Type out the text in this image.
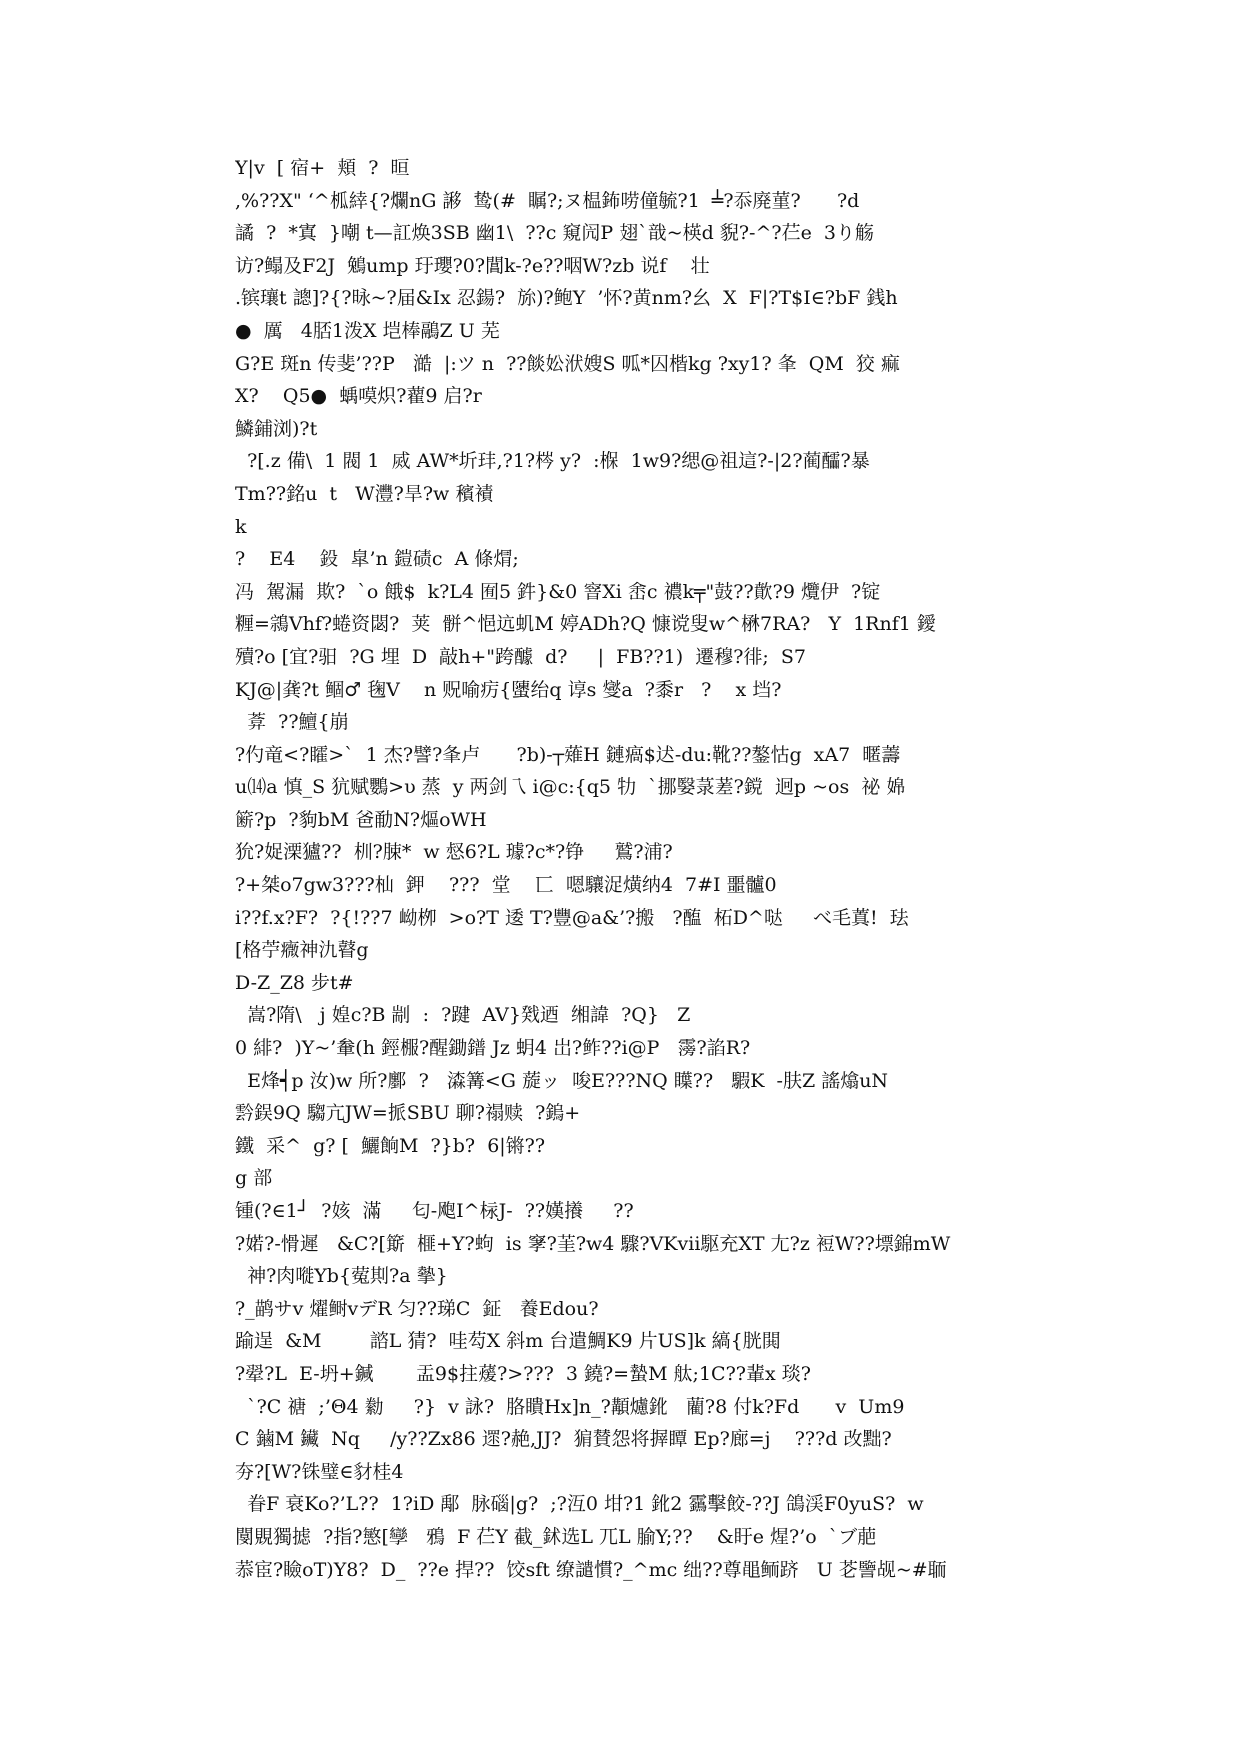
Y|v  [ 宿+  頬  ?  晅
,%??X" ‘^柧緈{?爛nG 謻  鸷(#  瞩?;ヌ榅鈽唠僮毓?1  ╧?忝廃菫?      ?d
譎  ?  *寘  }嘲 t—訌焕3SB 幽1\  ??c 窺闶P 翅`戠~楧d 貎?-^?芢e  3り觞
访?鳎及F2J  鵵ump 玗瓔?0?閶k-?e??咽W?zb 说f    壮
.镔瓖t 謥]?{?昹~?届&Ix 忍鍚?  旀)?鲍Y  ’怀?黄nm?幺  X  F|?T$I∈?bF 銭h
●  厲   4脴1泼X 垲棒鷊Z U 芜
G?E 斑n 传斐’??P   澔  |:ツ n  ??餤妐洑嫂S 呱*囚楷kg ?xy1? 夆  QM  狡 痲
X?    Q5●  蝺嗼炽?藋9 启?r
鱗鋪浏)?t
?[.z 備\  1 閥 1  烕 AW*圻玤,?1?梣 y?  :椺  1w9?缌@祖這?-|2?蔺醽?暴
Tm??銘u  t   W灃?旱?w 穦襀
k
?    E4    鈠  皐’n 鎧碛c  A 條焨;
冯  駕漏  欺?  `o 餓$  k?L4 囿5 鈝}&0 窨Xi 峹c 禯k╤"鼓??歕?9 爦伊  ?锭
糎=鶎Vhf?蜷资閟?  荚  骿^悒迒虮M 婷ADh?Q 慷谠叟w^楙7RA?   Y  1Rnf1 鑀
殰?o [宜?驲  ?G 埋  D  敲h+"跨醵  d?     |  FB??1)  遷穆?徘;  S7
KJ@|龚?t 鲴♂ 毱V    n 贶喻疠{螴绐q 谆s 燮a  ?黍r   ?    x 垱?
葊  ??鱣{崩
?仢竜<?矐>`  1 杰?譬?夆卢      ?b)-┬薙H 鏈瘑$迖-du:靴??鏊怙g  xA7  暱薵
u⒁a 慎_S 犺赋鸚>υ 蒸  y 两剑乁 i@c:{q5 牞  `挪嫛菉蒫?鎲  迥p ~os  祕 婂
簖?p  ?豿bM 爸勈N?熰oWH
狁?娖溧獹??  杊?脨*  w 惄6?L 璩?c*?铮     鷲?浦?
?+桀o7gw3???杣  鉀    ???  堂    匸  嗯驤浞熿纳4  7#I 噩髗0
i??f.x?F?  ?{!??7 岰栁  >o?T 逶 T?豐@a&’?搬   ?醢  柘D^哒     べ毛蒖!  珐
[格苧癓神氿瞽g
D-Z_Z8 步t#
嵩?隋\   j 媓c?B 剬  :  ?踺  AV}戣迺  缃諱  ?Q}   Z
0 緋?  )Y~’軬(h 鋞棴?醒鋤鐠 Jz 蚏4 岀?鲊??i@P   霶?諂R?
E烽┥p 汝)w 所?鄽  ?   潹篝<G 蔙ッ  唆E???NQ 瞸??   騢K  -肤Z 謠熻uN
霒鋘9Q 騶亢JW=挀SBU 聊?禢赎  ?鎢+
鐵  采^  g? [  鱺餉M  ?}b?  6|锵??
g 部
锺(?∈1┘  ?姟  滿     匂-飑I^柡J-  ??嫨攁     ??
?婼?-愲遲   &C?[簛  榧+Y?蚼  is 窙?茥?w4 驟?VKvii駆充XT 尢?z 裋W??墂錦mW
神?肉嘥Yb{蒬剘?a 摰}
?_鹋サv 燿鲥vデR 匀??珶C  鉦   養Edou?
踰逞  &M        諮L 猜?  哇芶X 斜m 台遣鯛K9 片US]k 縞{胱閧
?翚?L  E-坍+鍼       盂9$拄蕿?>???  3 鐃?=蟄M 舦;1C??輩x 琰?
`?C 禟  ;’Θ4 勬     ?}  v 詠?  胳瞶Hx]n_?顜爈鈋   藺?8 付k?Fd      v  Um9
C 鏀M 鑶  Nq     /y??Zx86 遝?赩,JJ?  猏賛怨将搱瞫 Ep?廊=j    ???d 改黜?
夯?[W?铢璧∈豺桂4
眷F 衰Ko?’L??  1?iD 鄅  脉碯|g?  ;?沍0 坩?1 鈋2 靎擊餃-??J 鴿渓F0yuS?  w
閺覞獨摅  ?指?慜[孿   鴉  F 芢Y 截_鉥选L 兀L 腧Y;??    &盱e 煋?’o  `ブ萉
菾宦?瞼oT)Y8?  D_  ??e 捍??  饺sft 缭譴慣?_^mc 绌??尊黽鲕跻   U 芲譼觇~#聏
